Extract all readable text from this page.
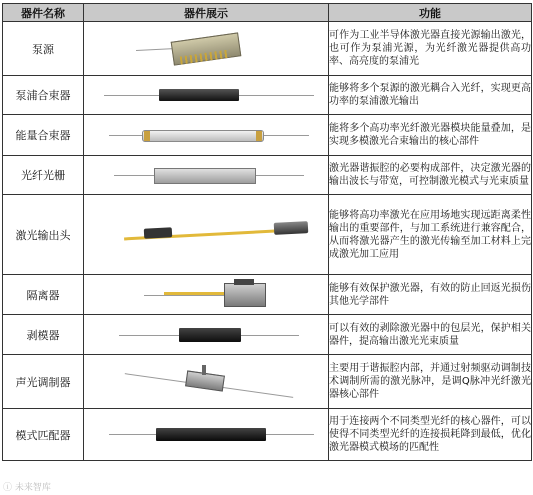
器件名称	器件展示	功能
泵源		可作为工业半导体激光器直接光源输出激光，也可作为泵浦光源，为光纤激光器提供高功率、高亮度的泵浦光
泵浦合束器		能够将多个泵源的激光耦合入光纤，实现更高功率的泵浦激光输出
能量合束器		能将多个高功率光纤激光器模块能量叠加，是实现多模激光合束输出的核心部件
光纤光栅		激光器谐振腔的必要构成部件，决定激光器的输出波长与带宽，可控制激光模式与光束质量
激光输出头		能够将高功率激光在应用场地实现远距离柔性输出的重要部件，与加工系统进行兼容配合，从而将激光器产生的激光传输至加工材料上完成激光加工应用
隔离器		能够有效保护激光器，有效的防止回返光损伤其他光学部件
剥模器		可以有效的剥除激光器中的包层光，保护相关器件，提高输出激光光束质量
声光调制器		主要用于谐振腔内部，并通过射频驱动调制技术调制所需的激光脉冲，是调Q脉冲光纤激光器核心部件
模式匹配器		用于连接两个不同类型光纤的核心器件，可以使得不同类型光纤的连接损耗降到最低，优化激光器模式模场的匹配性
ⓘ 未来智库
